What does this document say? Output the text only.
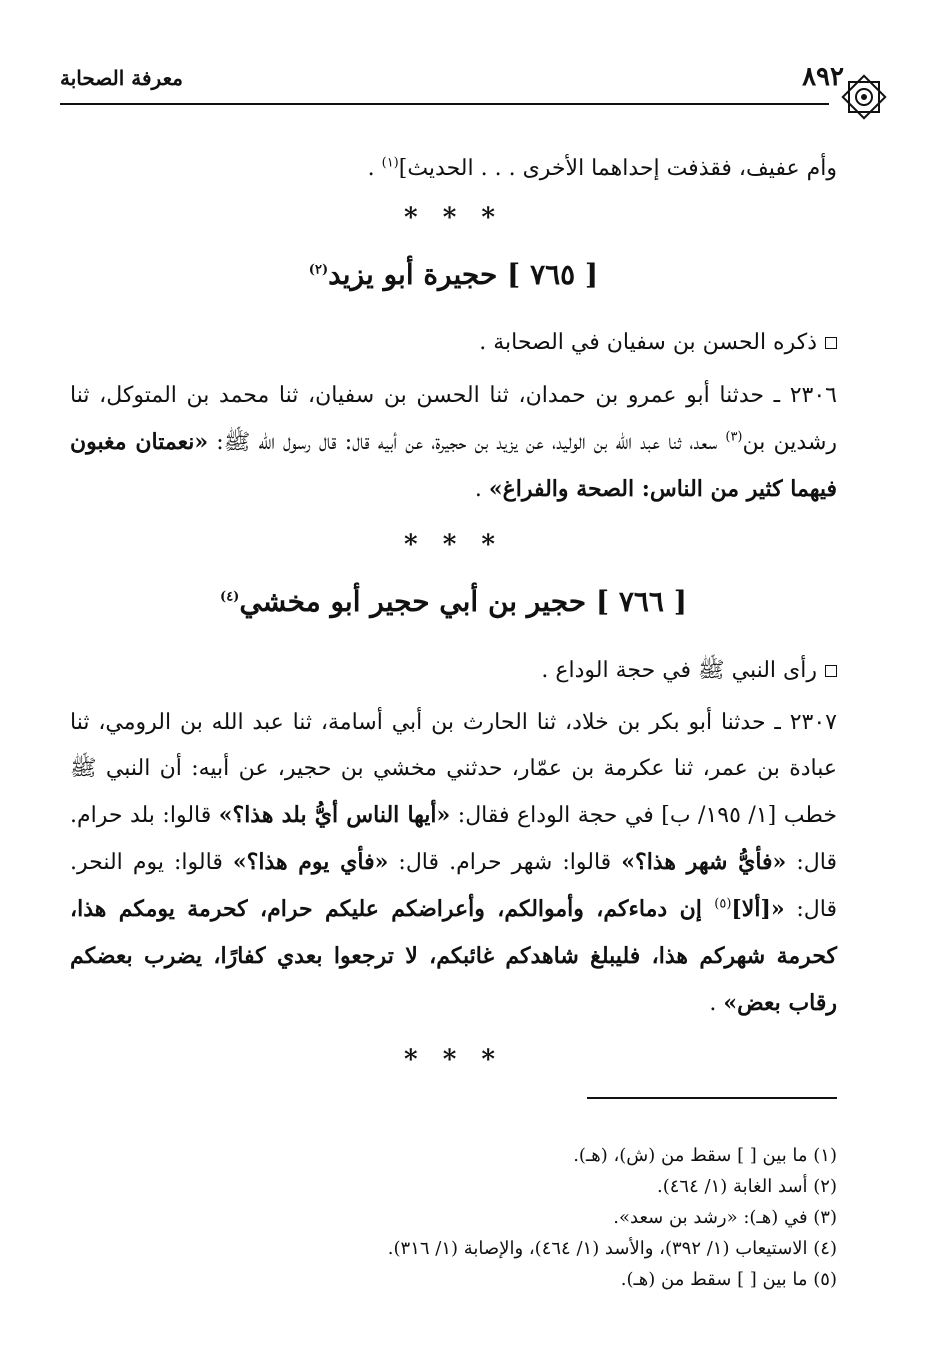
٨٩٢
معرفة الصحابة
وأم عفيف، فقذفت إحداهما الأخرى . . . الحديث]$^{(١)}$ .
* * *
[ ٧٦٥ ] حجيرة أبو يزيد$^{(٢)}$
ذكره الحسن بن سفيان في الصحابة .
٢٣٠٦ ـ حدثنا أبو عمرو بن حمدان، ثنا الحسن بن سفيان، ثنا محمد بن المتوكل، ثنا رشدين بن$^{(٣)}$ سعد، ثنا عبد الله بن الوليد، عن يزيد بن حجيرة، عن أبيه قال: قال رسول الله ﷺ: «نعمتان مغبون فيهما كثير من الناس: الصحة والفراغ» .
* * *
[ ٧٦٦ ] حجير بن أبي حجير أبو مخشي$^{(٤)}$
رأى النبي ﷺ في حجة الوداع .
٢٣٠٧ ـ حدثنا أبو بكر بن خلاد، ثنا الحارث بن أبي أسامة، ثنا عبد الله بن الرومي، ثنا عبادة بن عمر، ثنا عكرمة بن عمّار، حدثني مخشي بن حجير، عن أبيه: أن النبي ﷺ خطب [١/ ١٩٥/ ب] في حجة الوداع فقال: «أيها الناس أيُّ بلد هذا؟» قالوا: بلد حرام. قال: «فأيُّ شهر هذا؟» قالوا: شهر حرام. قال: «فأي يوم هذا؟» قالوا: يوم النحر. قال: «[ألا]$^{(٥)}$ إن دماءكم، وأموالكم، وأعراضكم عليكم حرام، كحرمة يومكم هذا، كحرمة شهركم هذا، فليبلغ شاهدكم غائبكم، لا ترجعوا بعدي كفارًا، يضرب بعضكم رقاب بعض» .
* * *
(١) ما بين [ ] سقط من (ش)، (هـ).
(٢) أسد الغابة (١/ ٤٦٤).
(٣) في (هـ): «رشد بن سعد».
(٤) الاستيعاب (١/ ٣٩٢)، والأسد (١/ ٤٦٤)، والإصابة (١/ ٣١٦).
(٥) ما بين [ ] سقط من (هـ).
